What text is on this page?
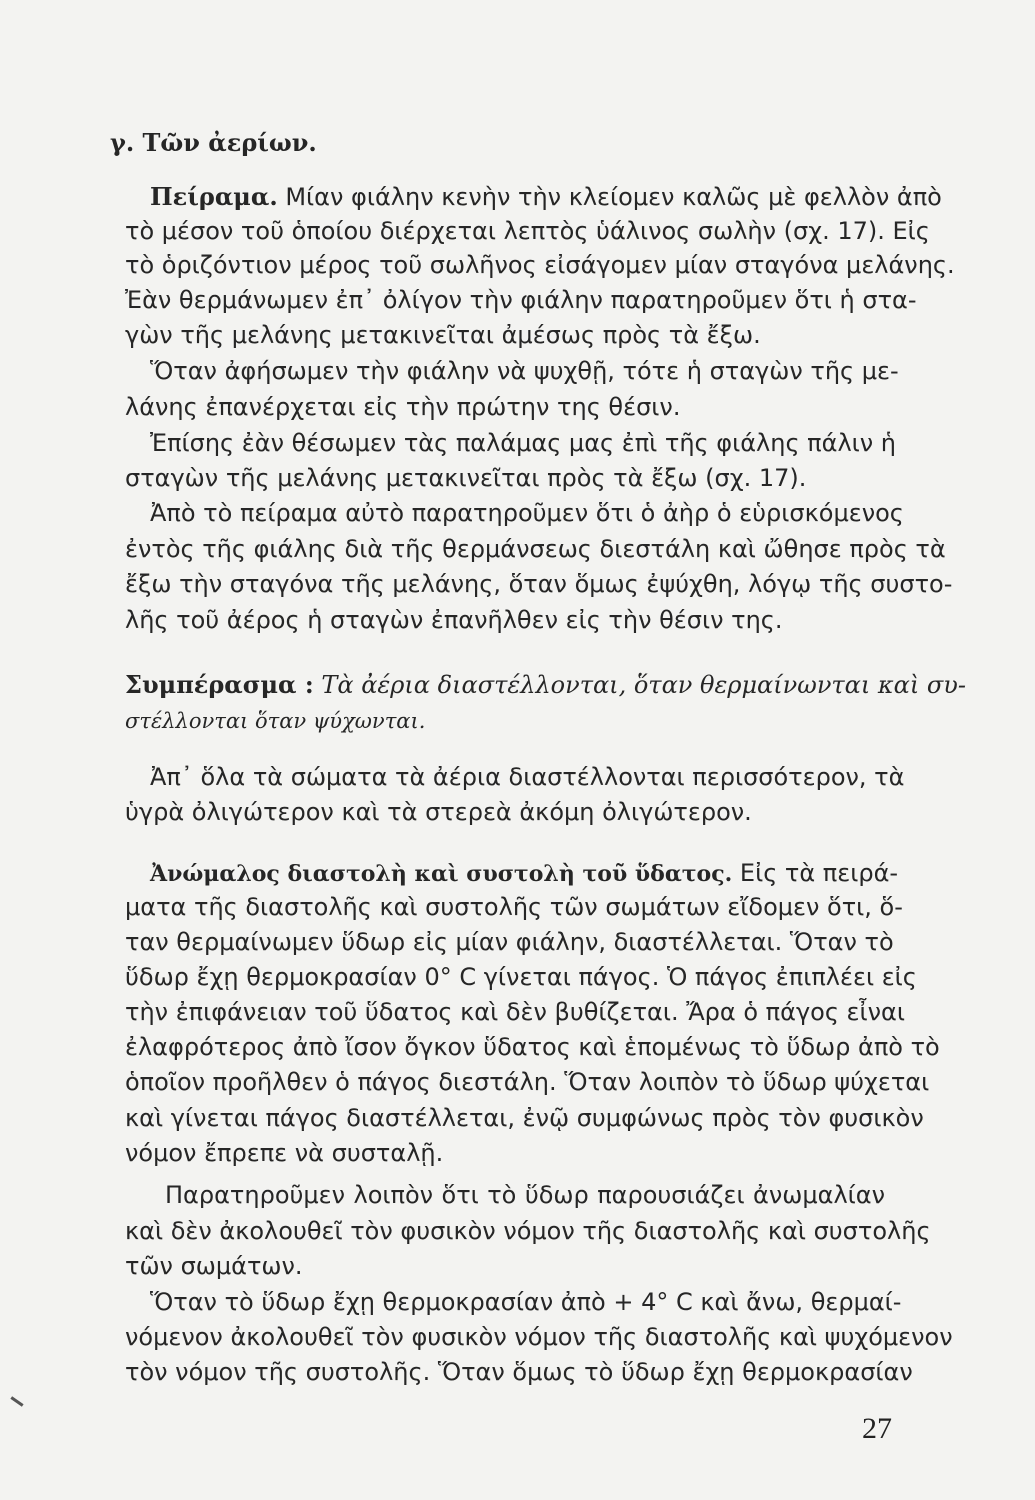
γ. Τῶν ἀερίων.
Πείραμα. Μίαν φιάλην κενὴν τὴν κλείομεν καλῶς μὲ φελλὸν ἀπὸ
τὸ μέσον τοῦ ὁποίου διέρχεται λεπτὸς ὑάλινος σωλὴν (σχ. 17). Εἰς
τὸ ὁριζόντιον μέρος τοῦ σωλῆνος εἰσάγομεν μίαν σταγόνα μελάνης.
Ἐὰν θερμάνωμεν ἐπ᾽ ὀλίγον τὴν φιάλην παρατηροῦμεν ὅτι ἡ στα-
γὼν τῆς μελάνης μετακινεῖται ἀμέσως πρὸς τὰ ἔξω.
Ὅταν ἀφήσωμεν τὴν φιάλην νὰ ψυχθῇ, τότε ἡ σταγὼν τῆς με-
λάνης ἐπανέρχεται εἰς τὴν πρώτην της θέσιν.
Ἐπίσης ἐὰν θέσωμεν τὰς παλάμας μας ἐπὶ τῆς φιάλης πάλιν ἡ
σταγὼν τῆς μελάνης μετακινεῖται πρὸς τὰ ἔξω (σχ. 17).
Ἀπὸ τὸ πείραμα αὐτὸ παρατηροῦμεν ὅτι ὁ ἀὴρ ὁ εὑρισκόμενος
ἐντὸς τῆς φιάλης διὰ τῆς θερμάνσεως διεστάλη καὶ ὤθησε πρὸς τὰ
ἔξω τὴν σταγόνα τῆς μελάνης, ὅταν ὅμως ἐψύχθη, λόγῳ τῆς συστο-
λῆς τοῦ ἀέρος ἡ σταγὼν ἐπανῆλθεν εἰς τὴν θέσιν της.
Συμπέρασμα : Τὰ ἀέρια διαστέλλονται, ὅταν θερμαίνωνται καὶ συ-
στέλλονται ὅταν ψύχωνται.
Ἀπ᾽ ὅλα τὰ σώματα τὰ ἀέρια διαστέλλονται περισσότερον, τὰ
ὑγρὰ ὀλιγώτερον καὶ τὰ στερεὰ ἀκόμη ὀλιγώτερον.
Ἀνώμαλος διαστολὴ καὶ συστολὴ τοῦ ὕδατος. Εἰς τὰ πειρά-
ματα τῆς διαστολῆς καὶ συστολῆς τῶν σωμάτων εἴδομεν ὅτι, ὅ-
ταν θερμαίνωμεν ὕδωρ εἰς μίαν φιάλην, διαστέλλεται. Ὅταν τὸ
ὕδωρ ἔχῃ θερμοκρασίαν 0° C γίνεται πάγος. Ὁ πάγος ἐπιπλέει εἰς
τὴν ἐπιφάνειαν τοῦ ὕδατος καὶ δὲν βυθίζεται. Ἄρα ὁ πάγος εἶναι
ἐλαφρότερος ἀπὸ ἴσον ὄγκον ὕδατος καὶ ἑπομένως τὸ ὕδωρ ἀπὸ τὸ
ὁποῖον προῆλθεν ὁ πάγος διεστάλη. Ὅταν λοιπὸν τὸ ὕδωρ ψύχεται
καὶ γίνεται πάγος διαστέλλεται, ἐνῷ συμφώνως πρὸς τὸν φυσικὸν
νόμον ἔπρεπε νὰ συσταλῇ.
Παρατηροῦμεν λοιπὸν ὅτι τὸ ὕδωρ παρουσιάζει ἀνωμαλίαν
καὶ δὲν ἀκολουθεῖ τὸν φυσικὸν νόμον τῆς διαστολῆς καὶ συστολῆς
τῶν σωμάτων.
Ὅταν τὸ ὕδωρ ἔχῃ θερμοκρασίαν ἀπὸ + 4° C καὶ ἄνω, θερμαί-
νόμενον ἀκολουθεῖ τὸν φυσικὸν νόμον τῆς διαστολῆς καὶ ψυχόμενον
τὸν νόμον τῆς συστολῆς. Ὅταν ὅμως τὸ ὕδωρ ἔχῃ θερμοκρασίαν
27
